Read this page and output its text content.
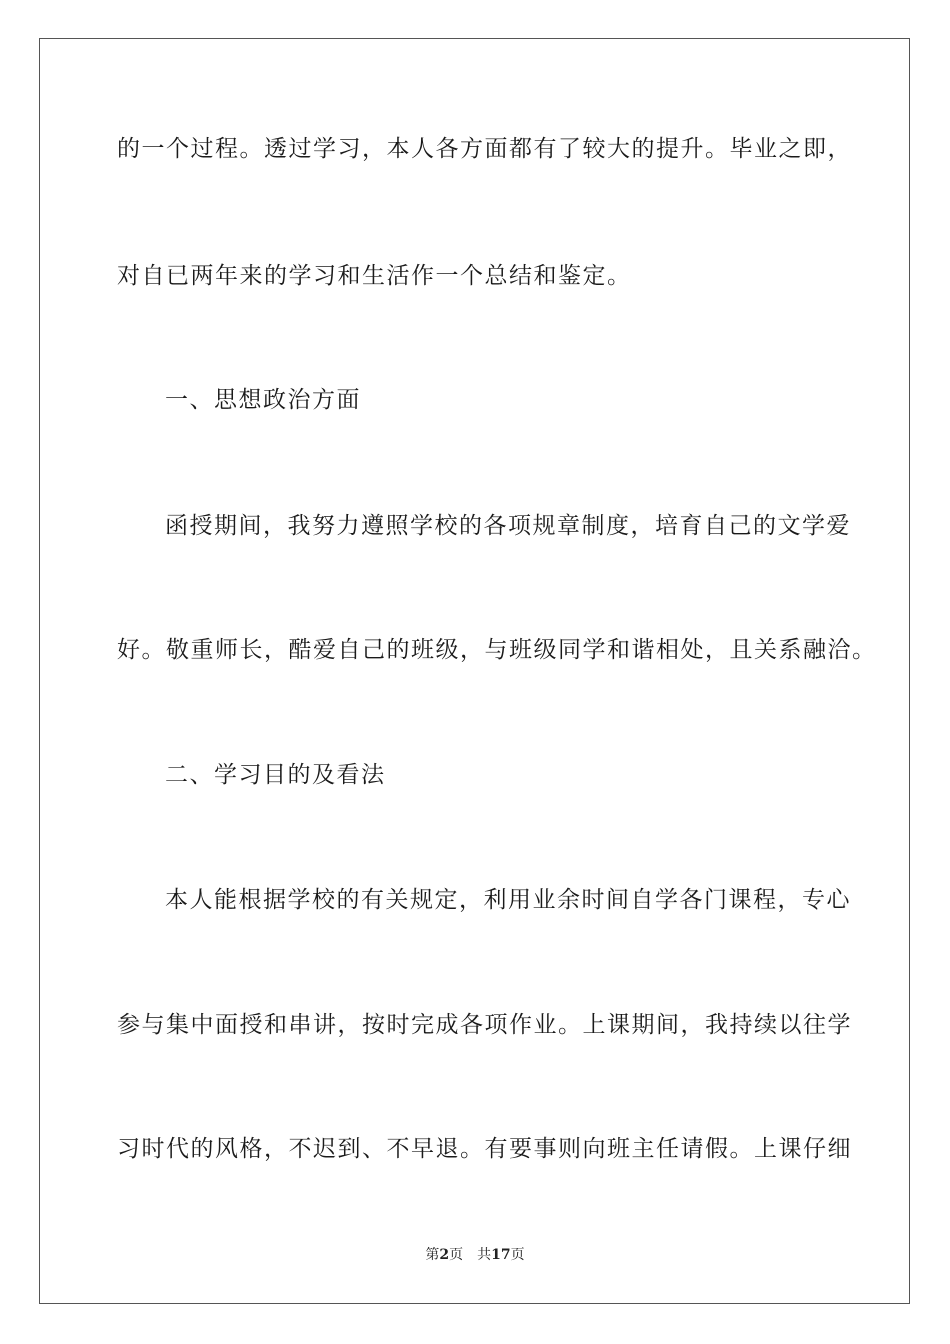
的一个过程。透过学习，本人各方面都有了较大的提升。毕业之即，
对自已两年来的学习和生活作一个总结和鉴定。
一、思想政治方面
函授期间，我努力遵照学校的各项规章制度，培育自己的文学爱
好。敬重师长，酷爱自己的班级，与班级同学和谐相处，且关系融洽。
二、学习目的及看法
本人能根据学校的有关规定，利用业余时间自学各门课程，专心
参与集中面授和串讲，按时完成各项作业。上课期间，我持续以往学
习时代的风格，不迟到、不早退。有要事则向班主任请假。上课仔细
第2页 共17页
